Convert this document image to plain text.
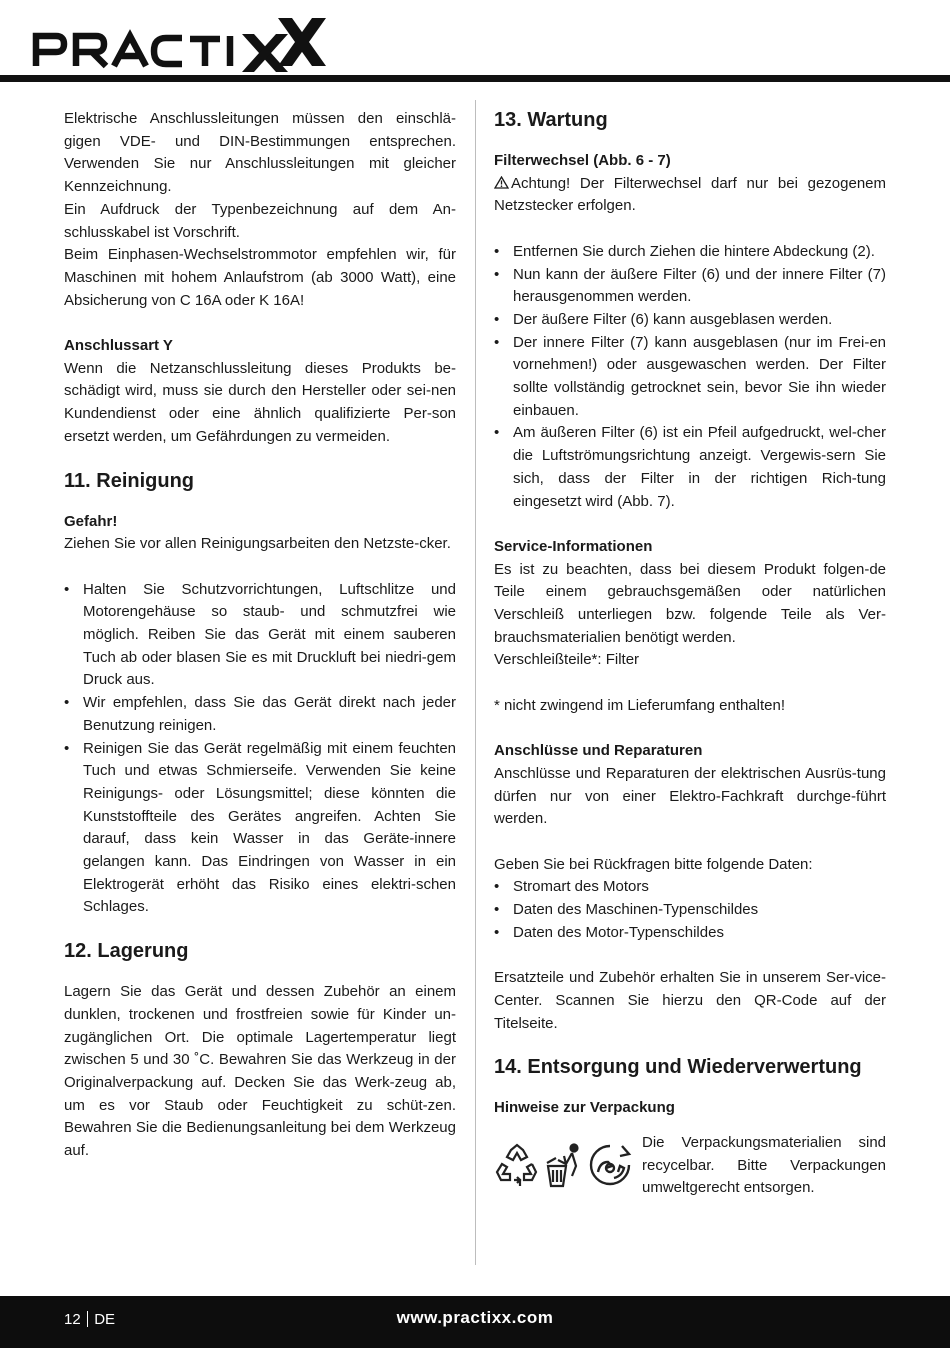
Elektrische Anschlussleitungen müssen den einschlä-gigen VDE- und DIN-Bestimmungen entsprechen. Verwenden Sie nur Anschlussleitungen mit gleicher Kennzeichnung.

Ein Aufdruck der Typenbezeichnung auf dem An-schlusskabel ist Vorschrift.

Beim Einphasen-Wechselstrommotor empfehlen wir, für Maschinen mit hohem Anlaufstrom (ab 3000 Watt), eine Absicherung von C 16A oder K 16A!

Anschlussart Y

Wenn die Netzanschlussleitung dieses Produkts be-schädigt wird, muss sie durch den Hersteller oder sei-nen Kundendienst oder eine ähnlich qualifizierte Per-son ersetzt werden, um Gefährdungen zu vermeiden.

11. Reinigung

Gefahr!

Ziehen Sie vor allen Reinigungsarbeiten den Netzste-cker.

• Halten Sie Schutzvorrichtungen, Luftschlitze und Motorengehäuse so staub- und schmutzfrei wie möglich. Reiben Sie das Gerät mit einem sauberen Tuch ab oder blasen Sie es mit Druckluft bei niedri-gem Druck aus.
• Wir empfehlen, dass Sie das Gerät direkt nach jeder Benutzung reinigen.
• Reinigen Sie das Gerät regelmäßig mit einem feuchten Tuch und etwas Schmierseife. Verwenden Sie keine Reinigungs- oder Lösungsmittel; diese könnten die Kunststoffteile des Gerätes angreifen. Achten Sie darauf, dass kein Wasser in das Geräte-innere gelangen kann. Das Eindringen von Wasser in ein Elektrogerät erhöht das Risiko eines elektri-schen Schlages.
12. Lagerung

Lagern Sie das Gerät und dessen Zubehör an einem dunklen, trockenen und frostfreien sowie für Kinder un-zugänglichen Ort. Die optimale Lagertemperatur liegt zwischen 5 und 30 ˚C. Bewahren Sie das Werkzeug in der Originalverpackung auf. Decken Sie das Werk-zeug ab, um es vor Staub oder Feuchtigkeit zu schüt-zen. Bewahren Sie die Bedienungsanleitung bei dem Werkzeug auf.

13. Wartung

Filterwechsel (Abb. 6 - 7)

Achtung! Der Filterwechsel darf nur bei gezogenem Netzstecker erfolgen.

• Entfernen Sie durch Ziehen die hintere Abdeckung (2).
• Nun kann der äußere Filter (6) und der innere Filter (7) herausgenommen werden.
• Der äußere Filter (6) kann ausgeblasen werden.
• Der innere Filter (7) kann ausgeblasen (nur im Frei-en vornehmen!) oder ausgewaschen werden. Der Filter sollte vollständig getrocknet sein, bevor Sie ihn wieder einbauen.
• Am äußeren Filter (6) ist ein Pfeil aufgedruckt, wel-cher die Luftströmungsrichtung anzeigt. Vergewis-sern Sie sich, dass der Filter in der richtigen Rich-tung eingesetzt wird (Abb. 7).

Service-Informationen

Es ist zu beachten, dass bei diesem Produkt folgen-de Teile einem gebrauchsgemäßen oder natürlichen Verschleiß unterliegen bzw. folgende Teile als Ver-brauchsmaterialien benötigt werden.

Verschleißteile*: Filter

* nicht zwingend im Lieferumfang enthalten!

Anschlüsse und Reparaturen

Anschlüsse und Reparaturen der elektrischen Ausrüs-tung dürfen nur von einer Elektro-Fachkraft durchge-führt werden.

Geben Sie bei Rückfragen bitte folgende Daten:

• Stromart des Motors
• Daten des Maschinen-Typenschildes
• Daten des Motor-Typenschildes

Ersatzteile und Zubehör erhalten Sie in unserem Ser-vice-Center. Scannen Sie hierzu den QR-Code auf der Titelseite.

14. Entsorgung und Wiederverwertung

Hinweise zur Verpackung

Die Verpackungsmaterialien sind recycelbar. Bitte Verpackungen umweltgerecht entsorgen.

12 DE	www.practixx.com
